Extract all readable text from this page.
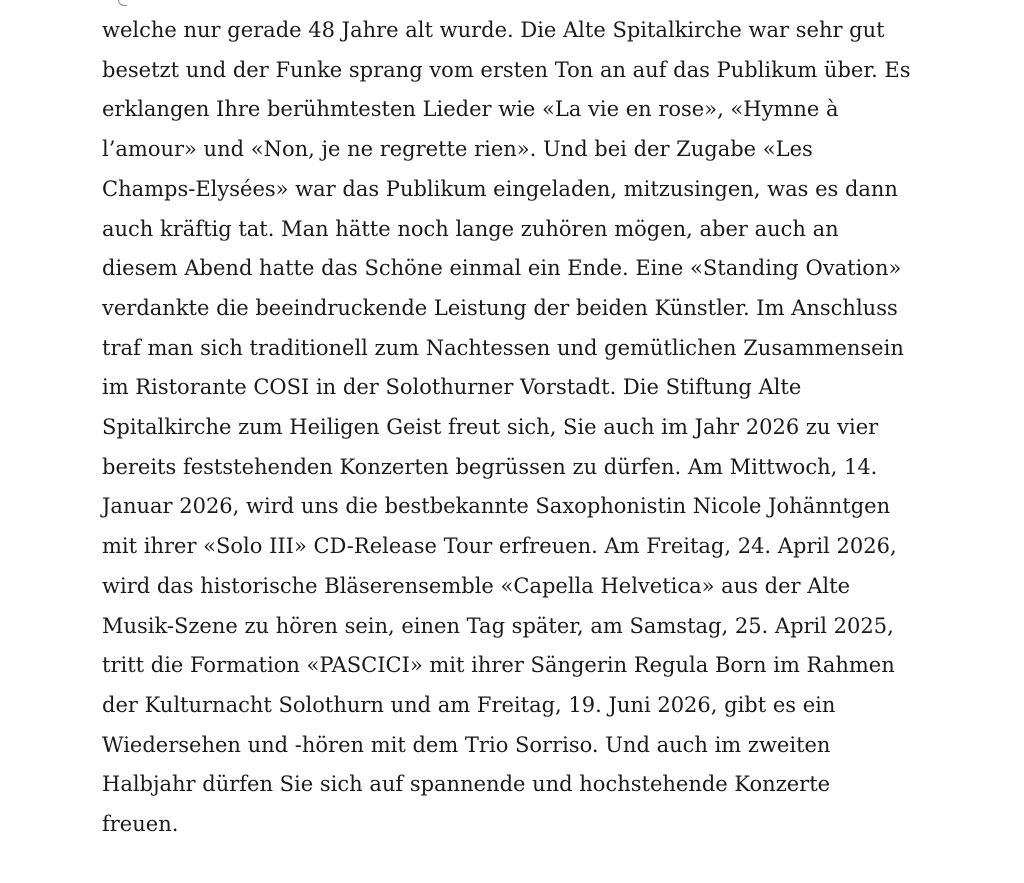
welche nur gerade 48 Jahre alt wurde. Die Alte Spitalkirche war sehr gut
besetzt und der Funke sprang vom ersten Ton an auf das Publikum über. Es
erklangen Ihre berühmtesten Lieder wie «La vie en rose», «Hymne à
l’amour» und «Non, je ne regrette rien». Und bei der Zugabe «Les
Champs-Elysées» war das Publikum eingeladen, mitzusingen, was es dann
auch kräftig tat. Man hätte noch lange zuhören mögen, aber auch an
diesem Abend hatte das Schöne einmal ein Ende. Eine «Standing Ovation»
verdankte die beeindruckende Leistung der beiden Künstler. Im Anschluss
traf man sich traditionell zum Nachtessen und gemütlichen Zusammensein
im Ristorante COSI in der Solothurner Vorstadt. Die Stiftung Alte
Spitalkirche zum Heiligen Geist freut sich, Sie auch im Jahr 2026 zu vier
bereits feststehenden Konzerten begrüssen zu dürfen. Am Mittwoch, 14.
Januar 2026, wird uns die bestbekannte Saxophonistin Nicole Johänntgen
mit ihrer «Solo III» CD-Release Tour erfreuen. Am Freitag, 24. April 2026,
wird das historische Bläserensemble «Capella Helvetica» aus der Alte
Musik-Szene zu hören sein, einen Tag später, am Samstag, 25. April 2025,
tritt die Formation «PASCICI» mit ihrer Sängerin Regula Born im Rahmen
der Kulturnacht Solothurn und am Freitag, 19. Juni 2026, gibt es ein
Wiedersehen und -hören mit dem Trio Sorriso. Und auch im zweiten
Halbjahr dürfen Sie sich auf spannende und hochstehende Konzerte
freuen.
